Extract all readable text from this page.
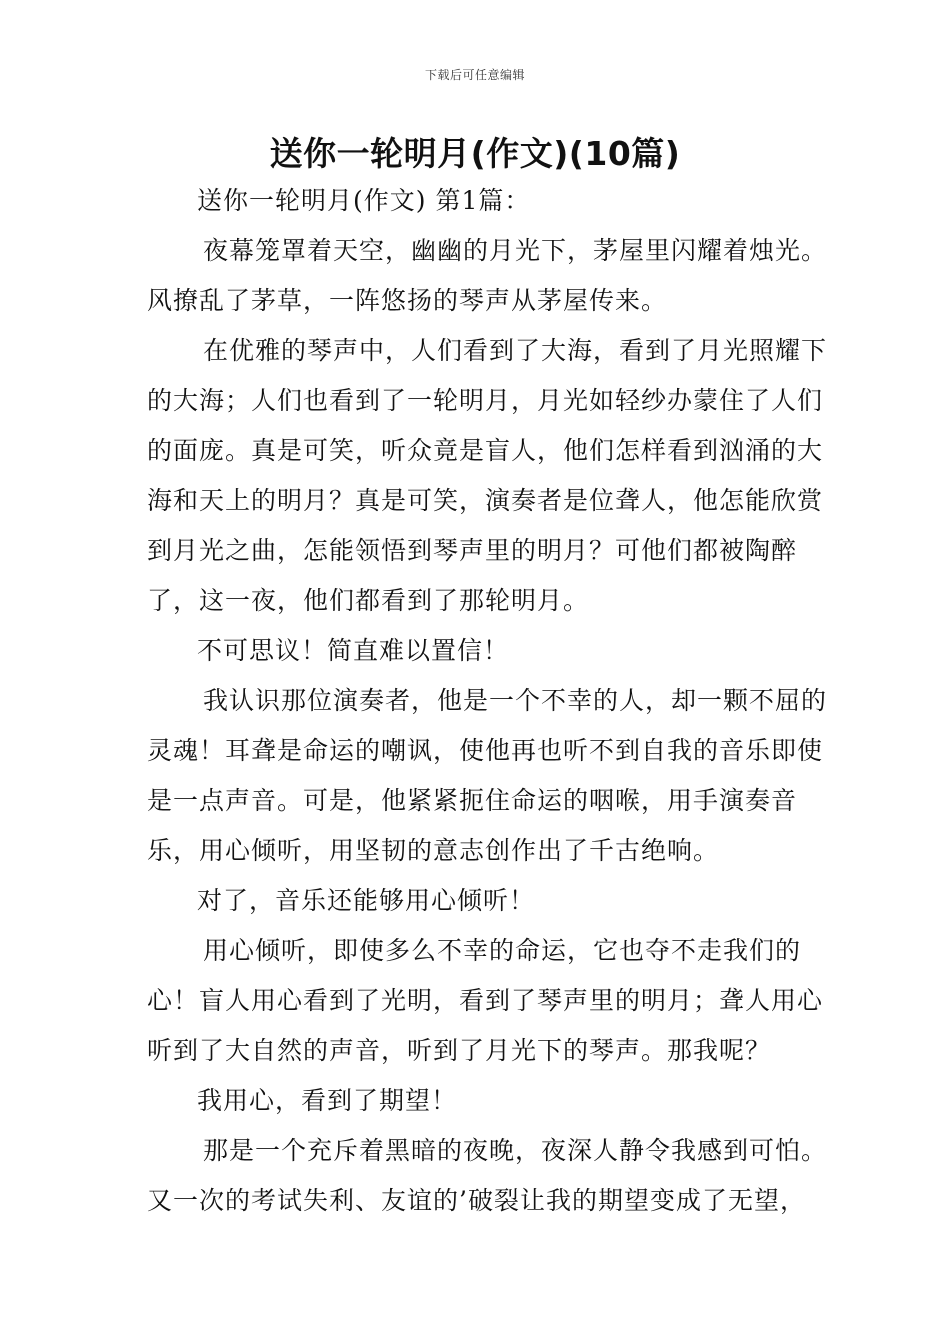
下载后可任意编辑
送你一轮明月(作文)(10篇)

送你一轮明月(作文) 第1篇：

夜幕笼罩着天空，幽幽的月光下，茅屋里闪耀着烛光。风撩乱了茅草，一阵悠扬的琴声从茅屋传来。

在优雅的琴声中，人们看到了大海，看到了月光照耀下的大海；人们也看到了一轮明月，月光如轻纱办蒙住了人们的面庞。真是可笑，听众竟是盲人，他们怎样看到汹涌的大海和天上的明月？真是可笑，演奏者是位聋人，他怎能欣赏到月光之曲，怎能领悟到琴声里的明月？可他们都被陶醉了，这一夜，他们都看到了那轮明月。

不可思议！简直难以置信！

我认识那位演奏者，他是一个不幸的人，却一颗不屈的灵魂！耳聋是命运的嘲讽，使他再也听不到自我的音乐即使是一点声音。可是，他紧紧扼住命运的咽喉，用手演奏音乐，用心倾听，用坚韧的意志创作出了千古绝响。

对了，音乐还能够用心倾听！

用心倾听，即使多么不幸的命运，它也夺不走我们的心！盲人用心看到了光明，看到了琴声里的明月；聋人用心听到了大自然的声音，听到了月光下的琴声。那我呢？

我用心，看到了期望！

那是一个充斥着黑暗的夜晚，夜深人静令我感到可怕。又一次的考试失利、友谊的’破裂让我的期望变成了无望，
